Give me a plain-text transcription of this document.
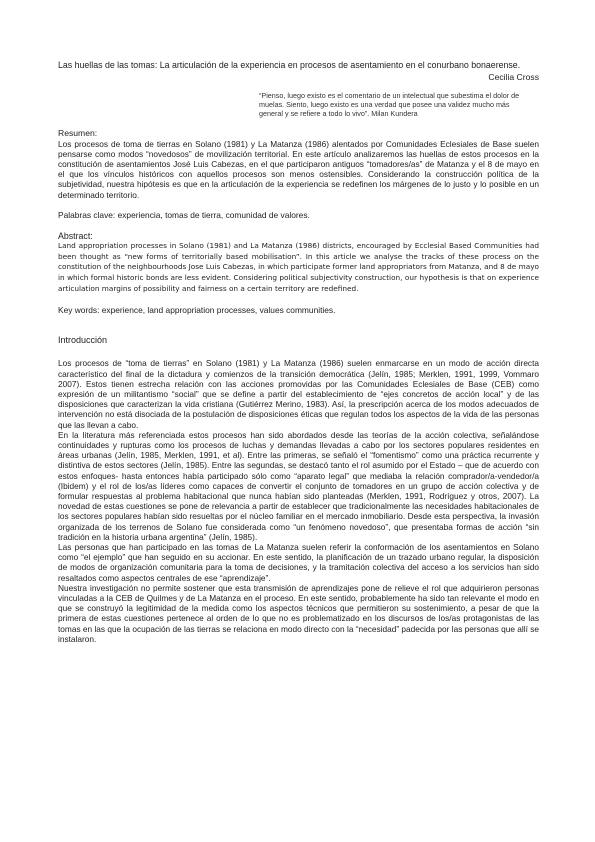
Las huellas de las tomas: La articulación de la experiencia en procesos de asentamiento en el conurbano bonaerense.
Cecilia Cross
“Pienso, luego existo es el comentario de un intelectual que subestima el dolor de muelas. Siento, luego existo es una verdad que posee una validez mucho más general y se refiere a todo lo vivo”. Milan Kundera
Resumen:

Los procesos de toma de tierras en Solano (1981) y La Matanza (1986) alentados por Comunidades Eclesiales de Base suelen pensarse como modos “novedosos” de movilización territorial. En este artículo analizaremos las huellas de estos procesos en la constitución de asentamientos José Luis Cabezas, en el que participaron antiguos “tomadores/as” de Matanza y el 8 de mayo en el que los vínculos históricos con aquellos procesos son menos ostensibles. Considerando la construcción política de la subjetividad, nuestra hipótesis es que en la articulación de la experiencia se redefinen los márgenes de lo justo y lo posible en un determinado territorio.

Palabras clave: experiencia, tomas de tierra, comunidad de valores.
Abstract:

Land appropriation processes in Solano (1981) and La Matanza (1986) districts, encouraged by Ecclesial Based Communities had been thought as “new forms of territorially based mobilisation”. In this article we analyse the tracks of these process on the constitution of the neighbourhoods Jose Luis Cabezas, in which participate former land appropriators from Matanza, and 8 de mayo in which formal historic bonds are less evident. Considering political subjectivity construction, our hypothesis is that on experience articulation margins of possibility and fairness on a certain territory are redefined.

Key words: experience, land appropriation processes, values communities.
Introducción

Los procesos de “toma de tierras” en Solano (1981) y La Matanza (1986) suelen enmarcarse en un modo de acción directa característico del final de la dictadura y comienzos de la transición democrática (Jelín, 1985; Merklen, 1991, 1999, Vommaro 2007). Estos tienen estrecha relación con las acciones promovidas por las Comunidades Eclesiales de Base (CEB) como expresión de un militantismo “social” que se define a partir del establecimiento de “ejes concretos de acción local” y de las disposiciones que caracterizan la vida cristiana (Gutiérrez Merino, 1983). Así, la prescripción acerca de los modos adecuados de intervención no está disociada de la postulación de disposiciones éticas que regulan todos los aspectos de la vida de las personas que las llevan a cabo.

En la literatura más referenciada estos procesos han sido abordados desde las teorías de la acción colectiva, señalándose continuidades y rupturas como los procesos de luchas y demandas llevadas a cabo por los sectores populares residentes en áreas urbanas (Jelín, 1985, Merklen, 1991, et al). Entre las primeras, se señaló el “fomentismo” como una práctica recurrente y distintiva de estos sectores (Jelín, 1985). Entre las segundas, se destacó tanto el rol asumido por el Estado – que de acuerdo con estos enfoques- hasta entonces había participado sólo como “aparato legal” que mediaba la relación comprador/a-vendedor/a (Ibidem) y el rol de los/as líderes como capaces de convertir el conjunto de tomadores en un grupo de acción colectiva y de formular respuestas al problema habitacional que nunca habían sido planteadas (Merklen, 1991, Rodríguez y otros, 2007). La novedad de estas cuestiones se pone de relevancia a partir de establecer que tradicionalmente las necesidades habitacionales de los sectores populares habían sido resueltas por el núcleo familiar en el mercado inmobiliario. Desde esta perspectiva, la invasión organizada de los terrenos de Solano fue considerada como “un fenómeno novedoso”, que presentaba formas de acción “sin tradición en la historia urbana argentina” (Jelín, 1985).

Las personas que han participado en las tomas de La Matanza suelen referir la conformación de los asentamientos en Solano como “el ejemplo” que han seguido en su accionar. En este sentido, la planificación de un trazado urbano regular, la disposición de modos de organización comunitaria para la toma de decisiones, y la tramitación colectiva del acceso a los servicios han sido resaltados como aspectos centrales de ese “aprendizaje”.

Nuestra investigación no permite sostener que esta transmisión de aprendizajes pone de relieve el rol que adquirieron personas vinculadas a la CEB de Quilmes y de La Matanza en el proceso. En este sentido, probablemente ha sido tan relevante el modo en que se construyó la legitimidad de la medida como los aspectos técnicos que permitieron su sostenimiento, a pesar de que la primera de estas cuestiones pertenece al orden de lo que no es problematizado en los discursos de los/as protagonistas de las tomas en las que la ocupación de las tierras se relaciona en modo directo con la “necesidad” padecida por las personas que allí se instalaron.
